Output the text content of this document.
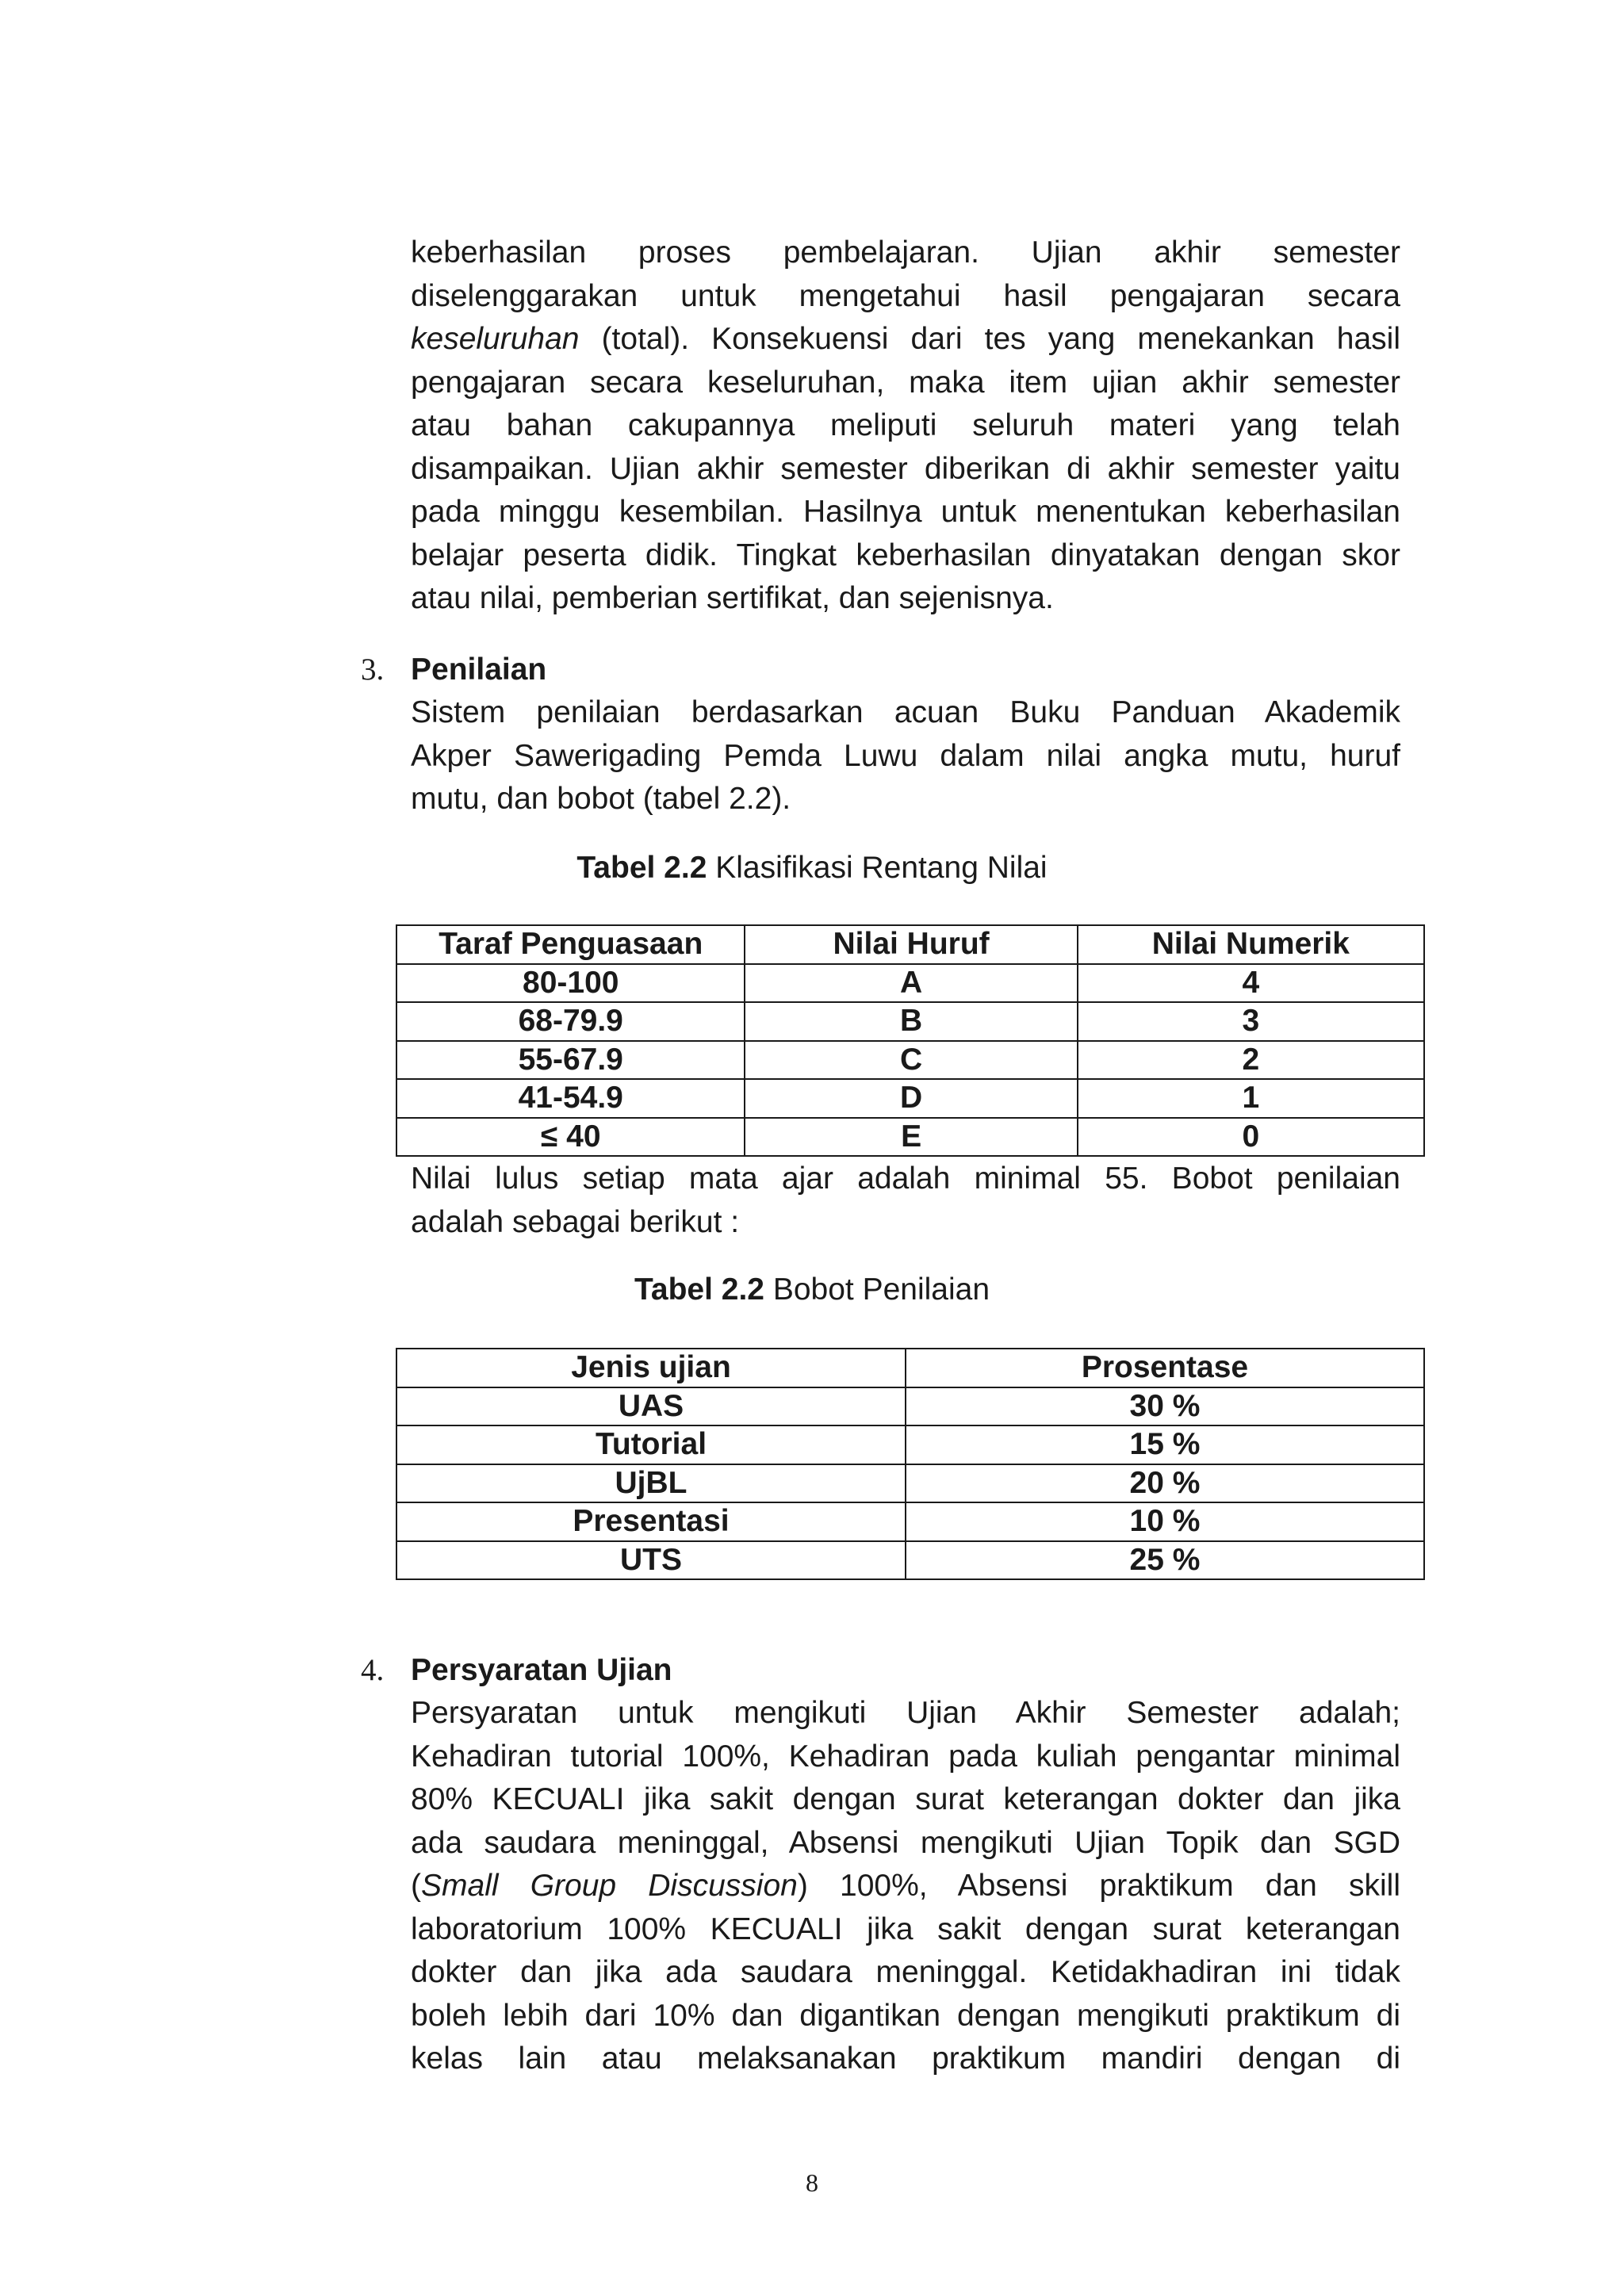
keberhasilan proses pembelajaran. Ujian akhir semester
diselenggarakan untuk mengetahui hasil pengajaran secara
keseluruhan (total). Konsekuensi dari tes yang menekankan hasil
pengajaran secara keseluruhan, maka item ujian akhir semester
atau bahan cakupannya meliputi seluruh materi yang telah
disampaikan. Ujian akhir semester diberikan di akhir semester yaitu
pada minggu kesembilan. Hasilnya untuk menentukan keberhasilan
belajar peserta didik. Tingkat keberhasilan dinyatakan dengan skor
atau nilai, pemberian sertifikat, dan sejenisnya.
3. Penilaian
Sistem penilaian berdasarkan acuan Buku Panduan Akademik
Akper Sawerigading Pemda Luwu dalam nilai angka mutu, huruf
mutu, dan bobot (tabel 2.2).
Tabel 2.2 Klasifikasi Rentang Nilai
Taraf Penguasaan	Nilai Huruf	Nilai Numerik
80-100	A	4
68-79.9	B	3
55-67.9	C	2
41-54.9	D	1
≤ 40	E	0
Nilai lulus setiap mata ajar adalah minimal 55. Bobot penilaian
adalah sebagai berikut :
Tabel 2.2 Bobot Penilaian
Jenis ujian	Prosentase
UAS	30 %
Tutorial	15 %
UjBL	20 %
Presentasi	10 %
UTS	25 %
4. Persyaratan Ujian
Persyaratan untuk mengikuti Ujian Akhir Semester adalah;
Kehadiran tutorial 100%, Kehadiran pada kuliah pengantar minimal
80% KECUALI jika sakit dengan surat keterangan dokter dan jika
ada saudara meninggal, Absensi mengikuti Ujian Topik dan SGD
(Small Group Discussion) 100%, Absensi praktikum dan skill
laboratorium 100% KECUALI jika sakit dengan surat keterangan
dokter dan jika ada saudara meninggal. Ketidakhadiran ini tidak
boleh lebih dari 10% dan digantikan dengan mengikuti praktikum di
kelas lain atau melaksanakan praktikum mandiri dengan di
8
